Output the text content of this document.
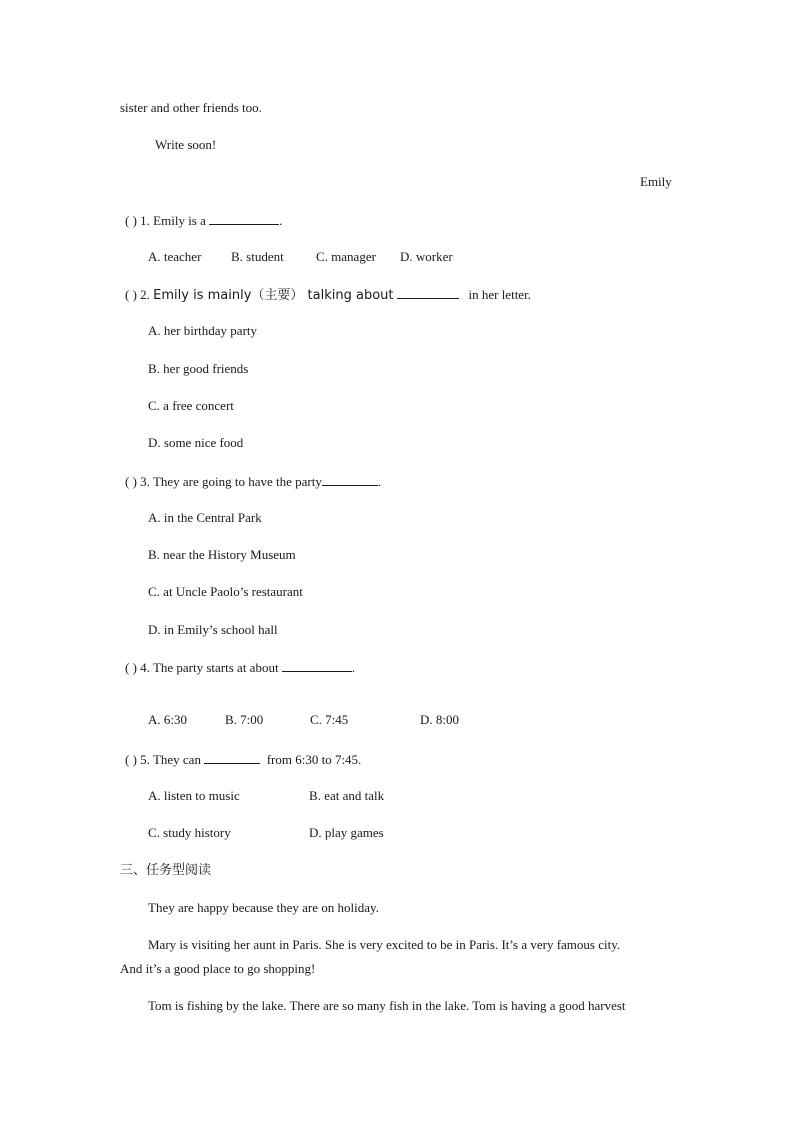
sister and other friends too.
Write soon!
Emily
( ) 1. Emily is a	.
A. teacher B. student C. manager D. worker
( ) 2. Emily is mainly（主要） talking about	in her letter.
A. her birthday party
B. her good friends
C. a free concert
D. some nice food
( ) 3. They are going to have the party	.
A. in the Central Park
B. near the History Museum
C. at Uncle Paolo’s restaurant
D. in Emily’s school hall
( ) 4. The party starts at about	.
A. 6:30	B. 7:00	C. 7:45	D. 8:00
( ) 5. They can	from 6:30 to 7:45.
A. listen to music	B. eat and talk
C. study history	D. play games
三、任务型阅读
They are happy because they are on holiday.
Mary is visiting her aunt in Paris. She is very excited to be in Paris. It’s a very famous city.
And it’s a good place to go shopping!
Tom is fishing by the lake. There are so many fish in the lake. Tom is having a good harvest
